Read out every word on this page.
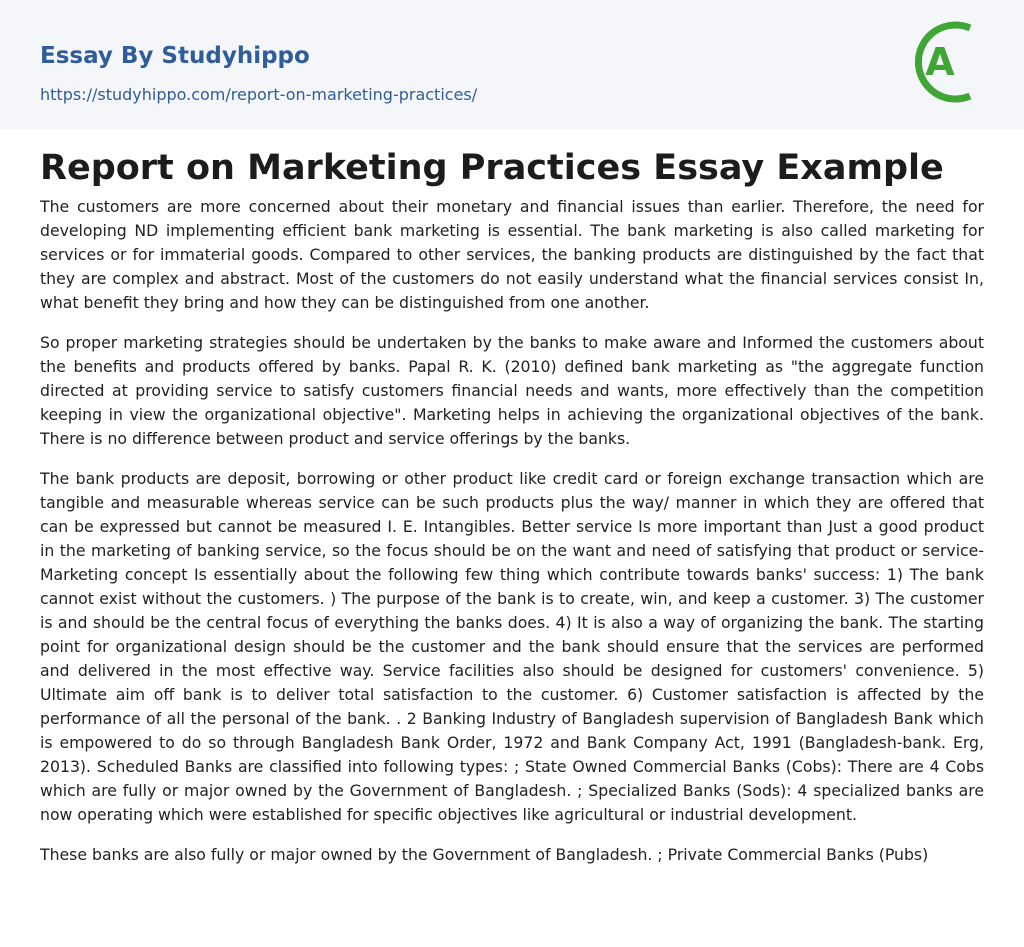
Essay By Studyhippo
https://studyhippo.com/report-on-marketing-practices/
A
Report on Marketing Practices Essay Example

The customers are more concerned about their monetary and financial issues than earlier. Therefore, the need for developing ND implementing efficient bank marketing is essential. The bank marketing is also called marketing for services or for immaterial goods. Compared to other services, the banking products are distinguished by the fact that they are complex and abstract. Most of the customers do not easily understand what the financial services consist In, what benefit they bring and how they can be distinguished from one another.

So proper marketing strategies should be undertaken by the banks to make aware and Informed the customers about the benefits and products offered by banks. Papal R. K. (2010) defined bank marketing as "the aggregate function directed at providing service to satisfy customers financial needs and wants, more effectively than the competition keeping in view the organizational objective". Marketing helps in achieving the organizational objectives of the bank. There is no difference between product and service offerings by the banks.

The bank products are deposit, borrowing or other product like credit card or foreign exchange transaction which are tangible and measurable whereas service can be such products plus the way/ manner in which they are offered that can be expressed but cannot be measured I. E. Intangibles. Better service Is more important than Just a good product in the marketing of banking service, so the focus should be on the want and need of satisfying that product or service-Marketing concept Is essentially about the following few thing which contribute towards banks' success: 1) The bank cannot exist without the customers. ) The purpose of the bank is to create, win, and keep a customer. 3) The customer is and should be the central focus of everything the banks does. 4) It is also a way of organizing the bank. The starting point for organizational design should be the customer and the bank should ensure that the services are performed and delivered in the most effective way. Service facilities also should be designed for customers' convenience. 5) Ultimate aim off bank is to deliver total satisfaction to the customer. 6) Customer satisfaction is affected by the performance of all the personal of the bank. . 2 Banking Industry of Bangladesh supervision of Bangladesh Bank which is empowered to do so through Bangladesh Bank Order, 1972 and Bank Company Act, 1991 (Bangladesh-bank. Erg, 2013). Scheduled Banks are classified into following types: ; State Owned Commercial Banks (Cobs): There are 4 Cobs which are fully or major owned by the Government of Bangladesh. ; Specialized Banks (Sods): 4 specialized banks are now operating which were established for specific objectives like agricultural or industrial development.

These banks are also fully or major owned by the Government of Bangladesh. ; Private Commercial Banks (Pubs)
